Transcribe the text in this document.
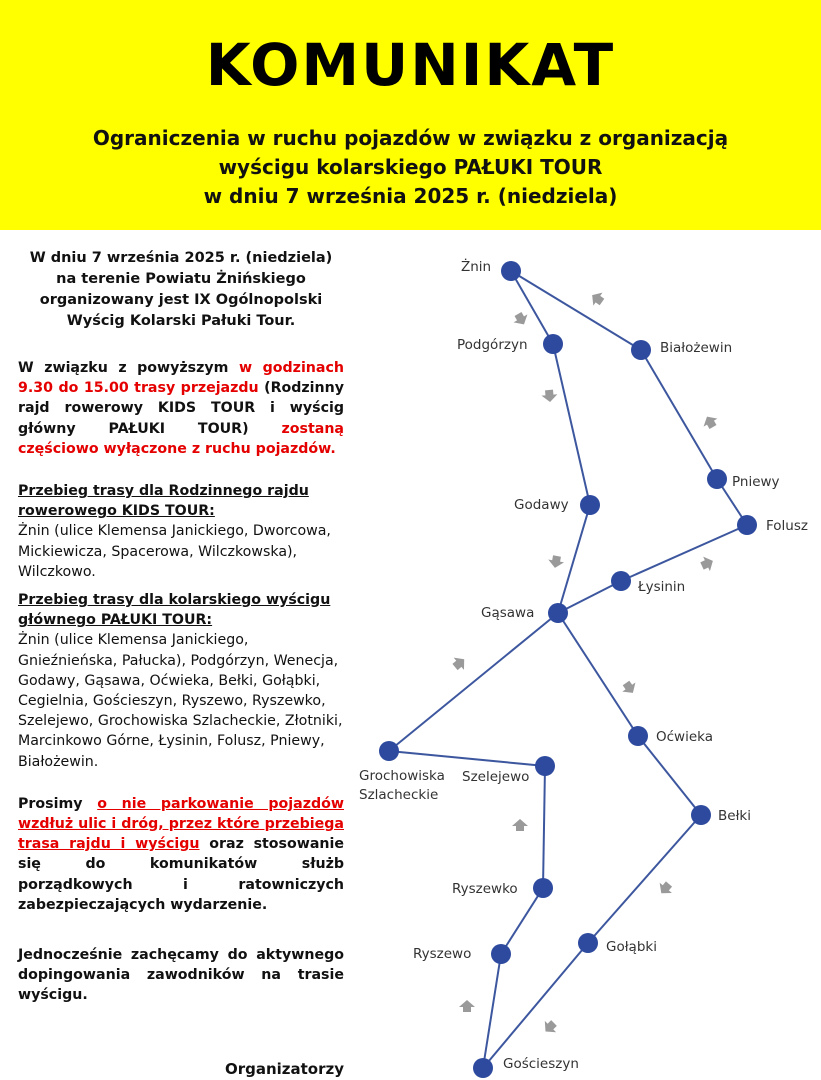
KOMUNIKAT
Ograniczenia w ruchu pojazdów w związku z organizacją
wyścigu kolarskiego PAŁUKI TOUR
w dniu 7 września 2025 r. (niedziela)
W dniu 7 września 2025 r. (niedziela)
na terenie Powiatu Żnińskiego
organizowany jest IX Ogólnopolski
Wyścig Kolarski Pałuki Tour.
W związku z powyższym w godzinach 9.30 do 15.00 trasy przejazdu (Rodzinny rajd rowerowy KIDS TOUR i wyścig główny PAŁUKI TOUR) zostaną częściowo wyłączone z ruchu pojazdów.
Przebieg trasy dla Rodzinnego rajdu rowerowego KIDS TOUR:
Żnin (ulice Klemensa Janickiego, Dworcowa, Mickiewicza, Spacerowa, Wilczkowska), Wilczkowo.
Przebieg trasy dla kolarskiego wyścigu głównego PAŁUKI TOUR:
Żnin (ulice Klemensa Janickiego, Gnieźnieńska, Pałucka), Podgórzyn, Wenecja, Godawy, Gąsawa, Oćwieka, Bełki, Gołąbki, Cegielnia, Gościeszyn, Ryszewo, Ryszewko, Szelejewo, Grochowiska Szlacheckie, Złotniki, Marcinkowo Górne, Łysinin, Folusz, Pniewy, Białożewin.
Prosimy o nie parkowanie pojazdów wzdłuż ulic i dróg, przez które przebiega trasa rajdu i wyścigu oraz stosowanie się do komunikatów służb porządkowych i ratowniczych zabezpieczających wydarzenie.
Jednocześnie zachęcamy do aktywnego dopingowania zawodników na trasie wyścigu.
Organizatorzy
Żnin
Podgórzyn	Białożewin
Pniewy
Folusz
Godawy
Łysinin
Gąsawa
Oćwieka
Grochowiska
Szlacheckie
Szelejewo
Bełki
Ryszewko
Gołąbki
Ryszewo
Gościeszyn
